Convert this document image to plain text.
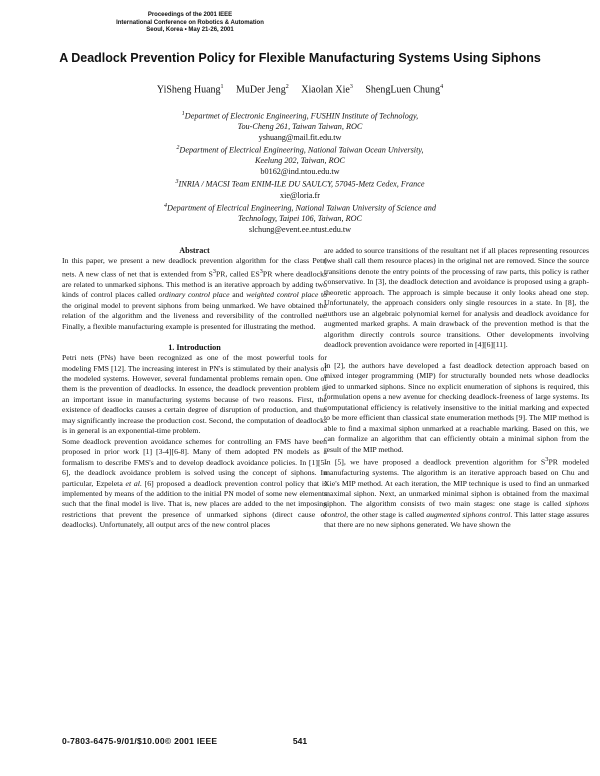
Proceedings of the 2001 IEEE
International Conference on Robotics & Automation
Seoul, Korea • May 21-26, 2001
A Deadlock Prevention Policy for Flexible Manufacturing Systems Using Siphons
YiSheng Huang$^1$ MuDer Jeng$^2$ Xiaolan Xie$^3$ ShengLuen Chung$^4$
$^1$Departmet of Electronic Engineering, FUSHIN Institute of Technology,
Tou-Cheng 261, Taiwan Taiwan, ROC
yshuang@mail.fit.edu.tw
$^2$Department of Electrical Engineering, National Taiwan Ocean University,
Keelung 202, Taiwan, ROC
b0162@ind.ntou.edu.tw
$^3$INRIA / MACSI Team ENIM-ILE DU SAULCY, 57045-Metz Cedex, France
xie@loria.fr
$^4$Department of Electrical Engineering, National Taiwan University of Science and
Technology, Taipei 106, Taiwan, ROC
slchung@event.ee.ntust.edu.tw

Abstract

In this paper, we present a new deadlock prevention algorithm for the class Petri nets. A new class of net that is extended from $S^3PR$, called $ES^3PR$ where deadlocks are related to unmarked siphons. This method is an iterative approach by adding two kinds of control places called ordinary control place and weighted control place to the original model to prevent siphons from being unmarked. We have obtained the relation of the algorithm and the liveness and reversibility of the controlled net. Finally, a flexible manufacturing example is presented for illustrating the method.

1. Introduction

Petri nets (PNs) have been recognized as one of the most powerful tools for modeling FMS [12]. The increasing interest in PN's is stimulated by their analysis of the modeled systems. However, several fundamental problems remain open. One of them is the prevention of deadlocks. In essence, the deadlock prevention problem is an important issue in manufacturing systems because of two reasons. First, the existence of deadlocks causes a certain degree of disruption of production, and thus may significantly increase the production cost. Second, the computation of deadlocks is in general is an exponential-time problem.

Some deadlock prevention avoidance schemes for controlling an FMS have been proposed in prior work [1] [3-4][6-8]. Many of them adopted PN models as a formalism to describe FMS's and to develop deadlock avoidance policies. In [1][5-6], the deadlock avoidance problem is solved using the concept of siphons. In particular, Ezpeleta et al. [6] proposed a deadlock prevention control policy that is implemented by means of the addition to the initial PN model of some new elements such that the final model is live. That is, new places are added to the net imposing restrictions that prevent the presence of unmarked siphons (direct cause of deadlocks). Unfortunately, all output arcs of the new control places

are added to source transitions of the resultant net if all places representing resources (we shall call them resource places) in the original net are removed. Since the source transitions denote the entry points of the processing of raw parts, this policy is rather conservative. In [3], the deadlock detection and avoidance is proposed using a graph-theoretic approach. The approach is simple because it only looks ahead one step. Unfortunately, the approach considers only single resources in a state. In [8], the authors use an algebraic polynomial kernel for analysis and deadlock avoidance for augmented marked graphs. A main drawback of the prevention method is that the algorithm directly controls source transitions. Other developments involving deadlock prevention avoidance were reported in [4][6][11].

In [2], the authors have developed a fast deadlock detection approach based on mixed integer programming (MIP) for structurally bounded nets whose deadlocks tied to unmarked siphons. Since no explicit enumeration of siphons is required, this formulation opens a new avenue for checking deadlock-freeness of large systems. Its computational efficiency is relatively insensitive to the initial marking and expected to be more efficient than classical state enumeration methods [9]. The MIP method is able to find a maximal siphon unmarked at a reachable marking. Based on this, we can formalize an algorithm that can efficiently obtain a minimal siphon from the result of the MIP method.

In [5], we have proposed a deadlock prevention algorithm for $S^3PR$ modeled manufacturing systems. The algorithm is an iterative approach based on Chu and Xie's MIP method. At each iteration, the MIP technique is used to find an unmarked maximal siphon. Next, an unmarked minimal siphon is obtained from the maximal siphon. The algorithm consists of two main stages: one stage is called siphons control, the other stage is called augmented siphons control. This latter stage assures that there are no new siphons generated. We have shown the

0-7803-6475-9/01/$10.00© 2001 IEEE	541
